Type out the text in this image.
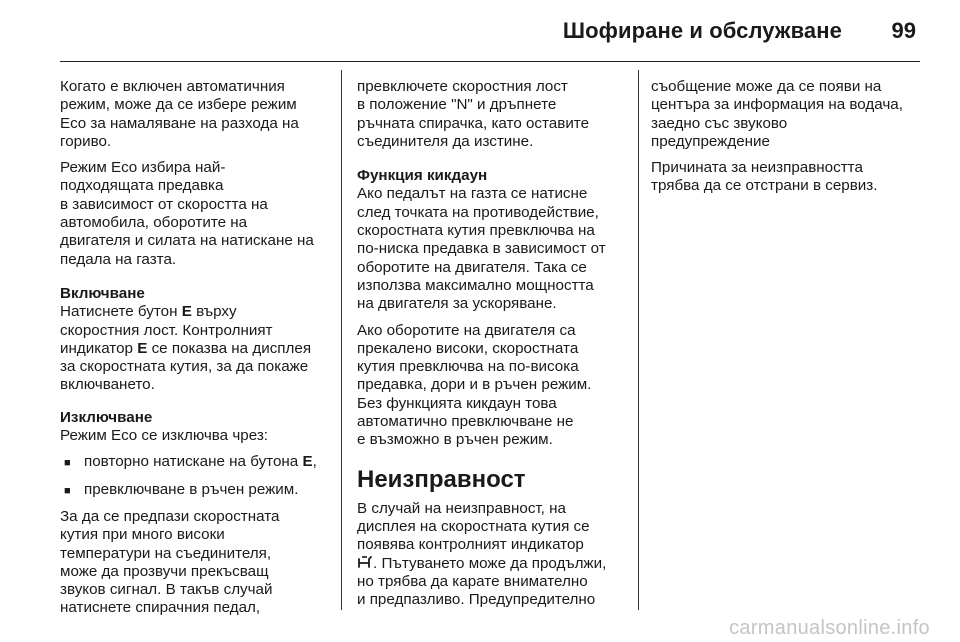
Шофиране и обслужване 99

Когато е включен автоматичния
режим, може да се избере режим
Eco за намаляване на разхода на
гориво.

Режим Eco избира най-
подходящата предавка
в зависимост от скоростта на
автомобила, оборотите на
двигателя и силата на натискане на
педала на газта.

Включване

Натиснете бутон E върху
скоростния лост. Контролният
индикатор E се показва на дисплея
за скоростната кутия, за да покаже
включването.

Изключване

Режим Eco се изключва чрез:

■ повторно натискане на бутона E,
■ превключване в ръчен режим.

За да се предпази скоростната
кутия при много високи
температури на съединителя,
може да прозвучи прекъсващ
звуков сигнал. В такъв случай
натиснете спирачния педал,

превключете скоростния лост
в положение "N" и дръпнете
ръчната спирачка, като оставите
съединителя да изстине.

Функция кикдаун

Ако педалът на газта се натисне
след точката на противодействие,
скоростната кутия превключва на
по-ниска предавка в зависимост от
оборотите на двигателя. Така се
използва максимално мощността
на двигателя за ускоряване.

Ако оборотите на двигателя са
прекалено високи, скоростната
кутия превключва на по-висока
предавка, дори и в ръчен режим.
Без функцията кикдаун това
автоматично превключване не
е възможно в ръчен режим.

Неизправност

В случай на неизправност, на
дисплея на скоростната кутия се
появява контролният индикатор
. Пътуването може да продължи,
но трябва да карате внимателно
и предпазливо. Предупредително

съобщение може да се появи на
центъра за информация на водача,
заедно със звуково
предупреждение

Причината за неизправността
трябва да се отстрани в сервиз.

carmanualsonline.info
